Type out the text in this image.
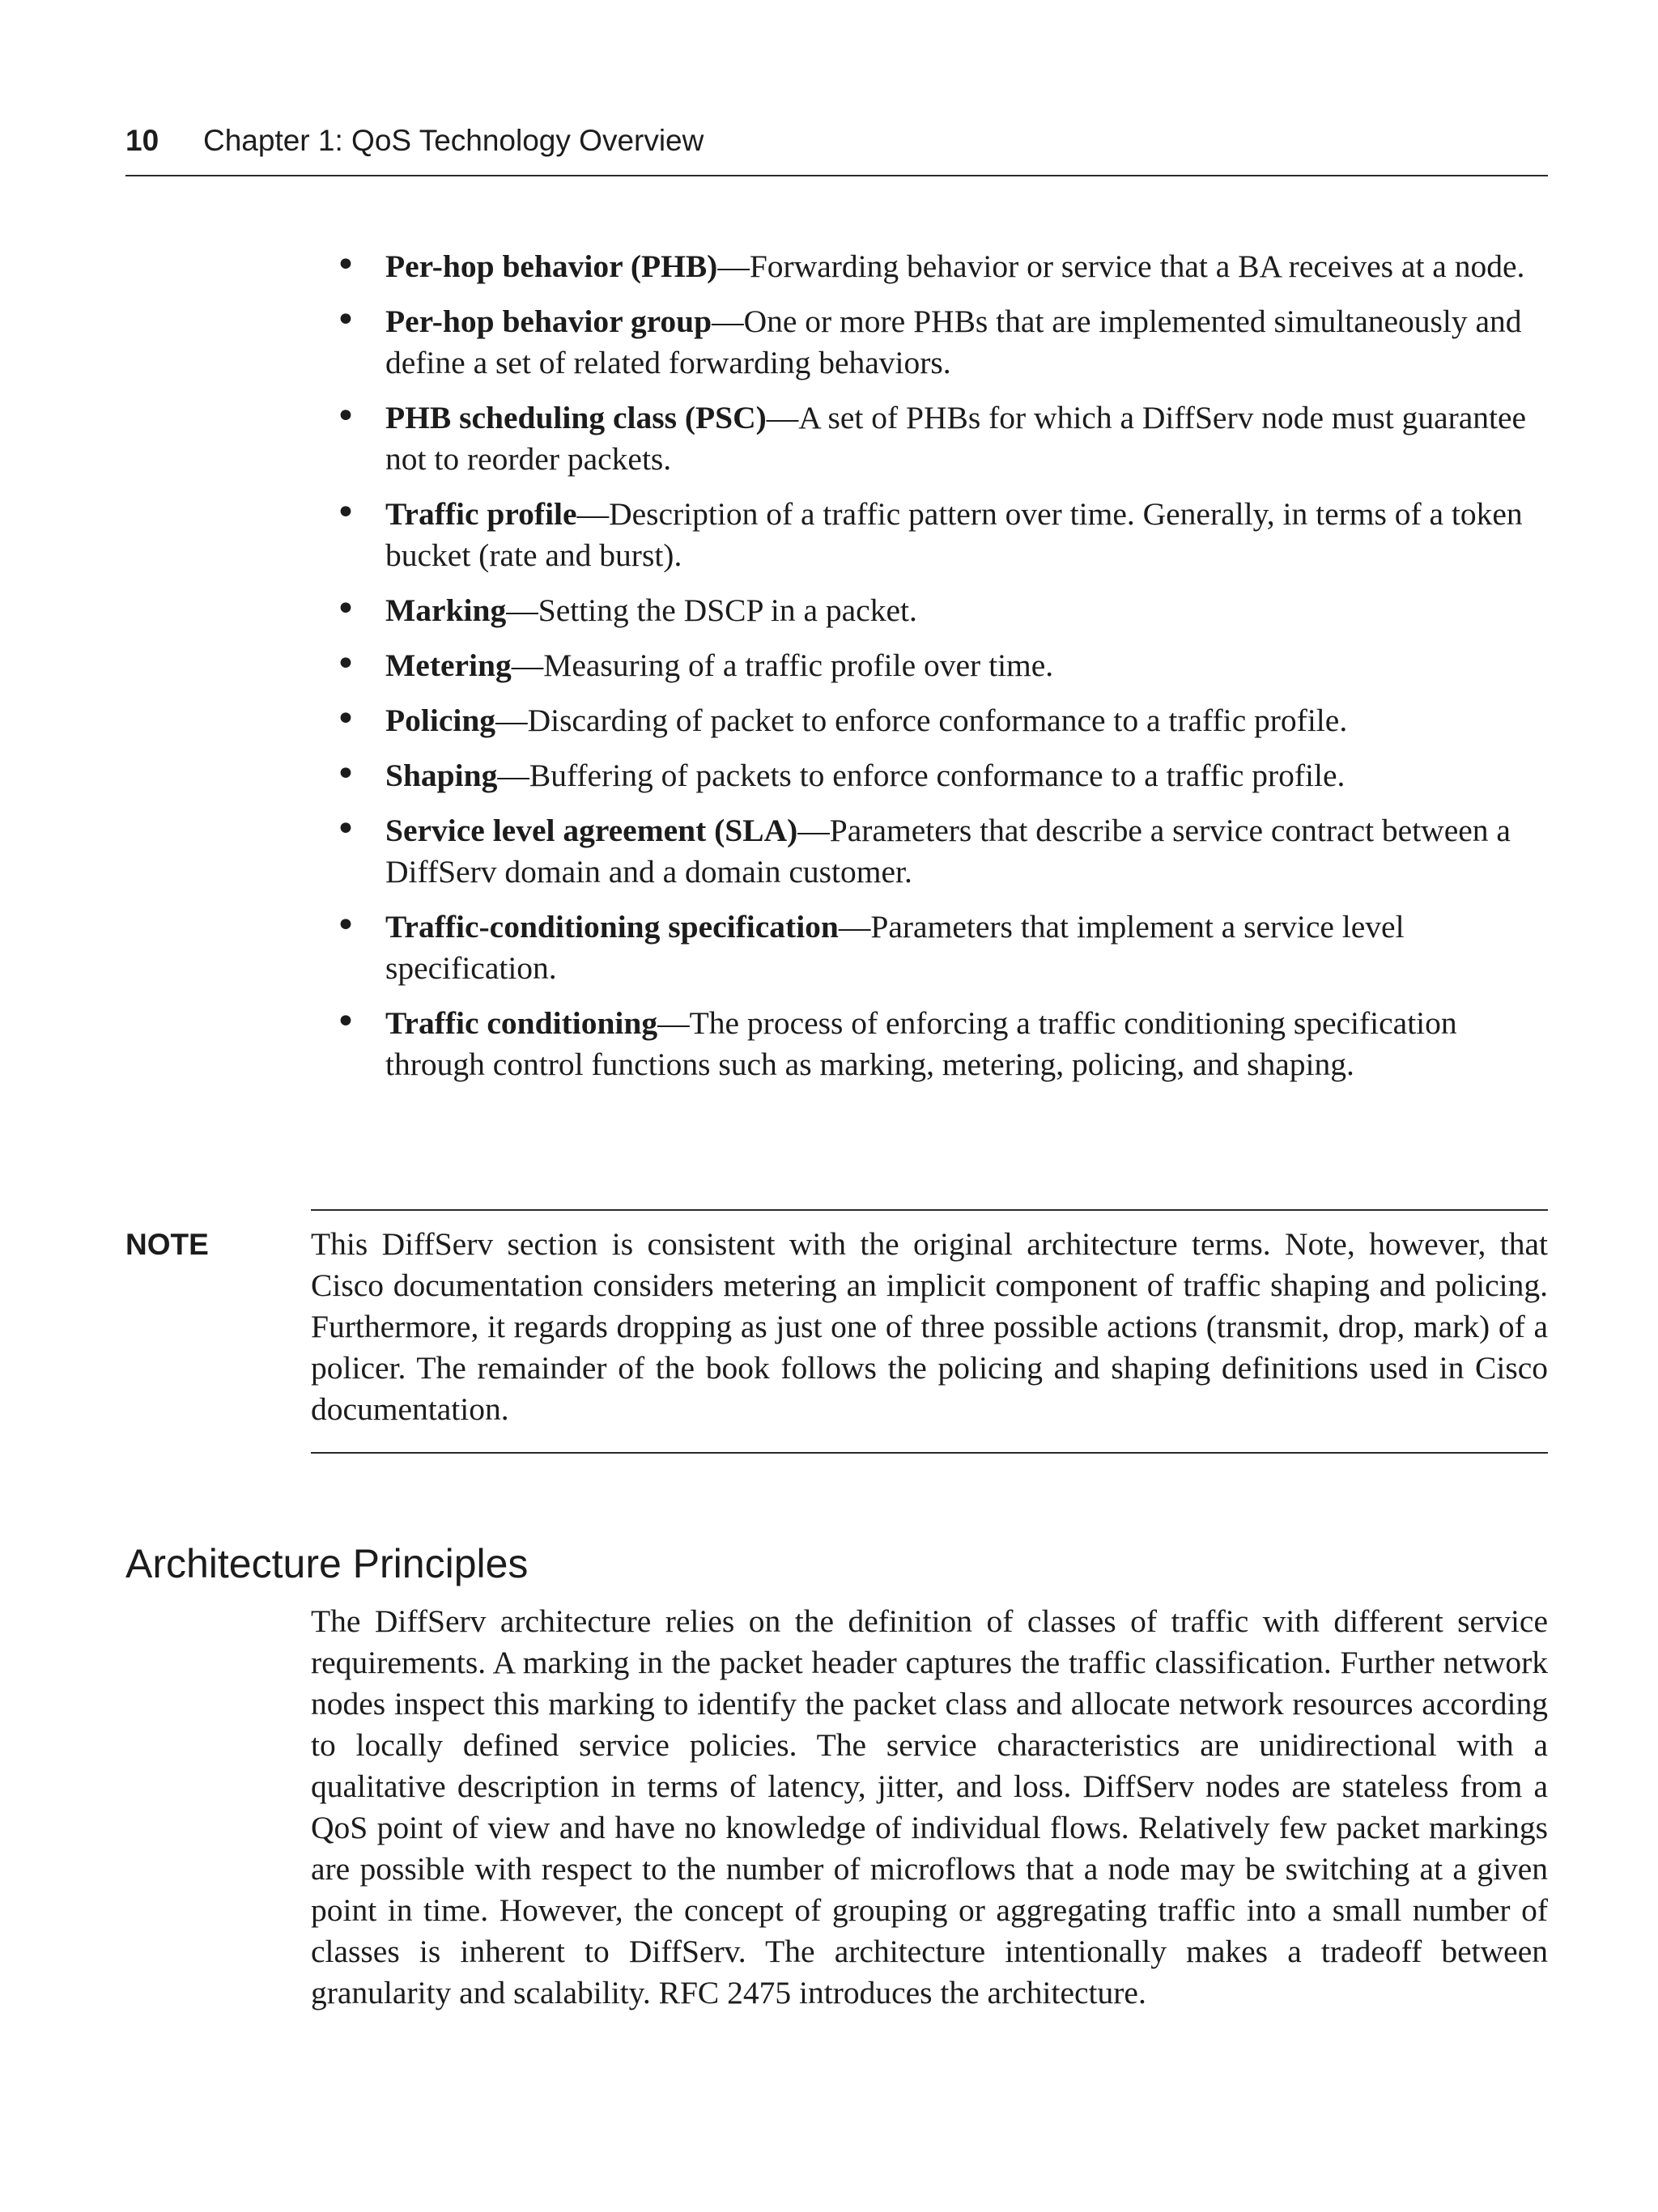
10 Chapter 1: QoS Technology Overview
• Per-hop behavior (PHB)—Forwarding behavior or service that a BA receives at a node.
• Per-hop behavior group—One or more PHBs that are implemented simultaneously and define a set of related forwarding behaviors.
• PHB scheduling class (PSC)—A set of PHBs for which a DiffServ node must guarantee not to reorder packets.
• Traffic profile—Description of a traffic pattern over time. Generally, in terms of a token bucket (rate and burst).
• Marking—Setting the DSCP in a packet.
• Metering—Measuring of a traffic profile over time.
• Policing—Discarding of packet to enforce conformance to a traffic profile.
• Shaping—Buffering of packets to enforce conformance to a traffic profile.
• Service level agreement (SLA)—Parameters that describe a service contract between a DiffServ domain and a domain customer.
• Traffic-conditioning specification—Parameters that implement a service level specification.
• Traffic conditioning—The process of enforcing a traffic conditioning specification through control functions such as marking, metering, policing, and shaping.
NOTE	This DiffServ section is consistent with the original architecture terms. Note, however, that Cisco documentation considers metering an implicit component of traffic shaping and policing. Furthermore, it regards dropping as just one of three possible actions (transmit, drop, mark) of a policer. The remainder of the book follows the policing and shaping definitions used in Cisco documentation.

Architecture Principles

The DiffServ architecture relies on the definition of classes of traffic with different service requirements. A marking in the packet header captures the traffic classification. Further network nodes inspect this marking to identify the packet class and allocate network resources according to locally defined service policies. The service characteristics are unidirectional with a qualitative description in terms of latency, jitter, and loss. DiffServ nodes are stateless from a QoS point of view and have no knowledge of individual flows. Relatively few packet markings are possible with respect to the number of microflows that a node may be switching at a given point in time. However, the concept of grouping or aggregating traffic into a small number of classes is inherent to DiffServ. The architecture intentionally makes a tradeoff between granularity and scalability. RFC 2475 introduces the architecture.
